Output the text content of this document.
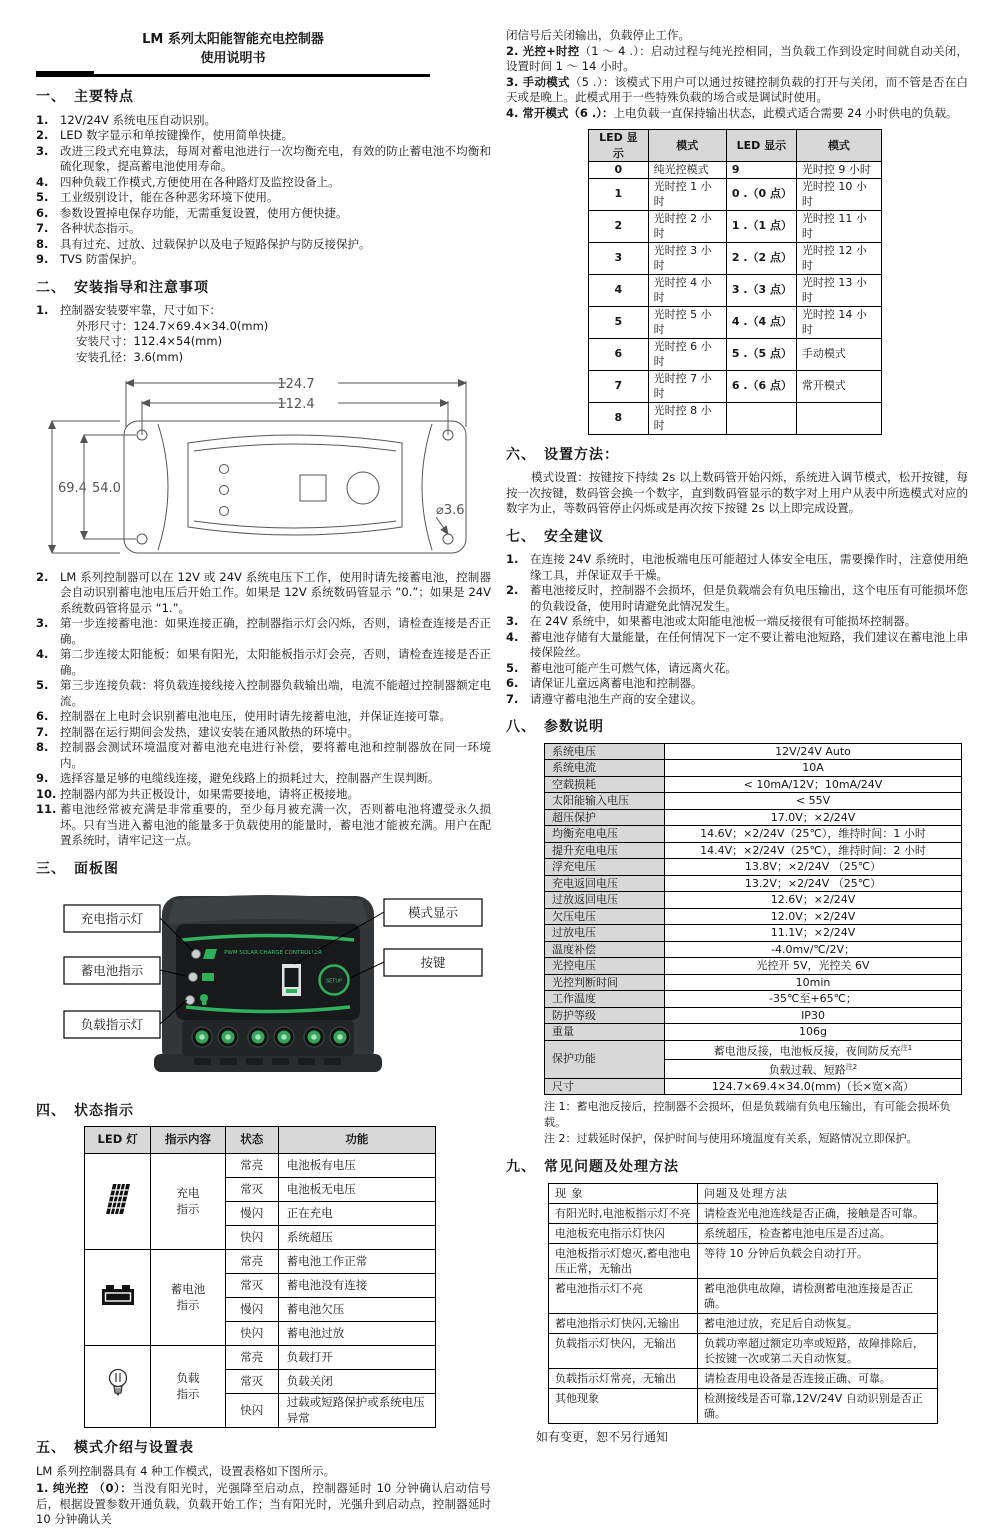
LM 系列太阳能智能充电控制器
使用说明书
一、　主要特点
1.	12V/24V 系统电压自动识别。
2.	LED 数字显示和单按键操作，使用简单快捷。
3.	改进三段式充电算法，每周对蓄电池进行一次均衡充电，有效的防止蓄电池不均衡和硫化现象，提高蓄电池使用寿命。
4.	四种负载工作模式,方便使用在各种路灯及监控设备上。
5.	工业级别设计，能在各种恶劣环境下使用。
6.	参数设置掉电保存功能，无需重复设置，使用方便快捷。
7.	各种状态指示。
8.	具有过充、过放、过载保护以及电子短路保护与防反接保护。
9.	TVS 防雷保护。
二、　安装指导和注意事项
1.	控制器安装要牢靠，尺寸如下：
外形尺寸：124.7×69.4×34.0(mm)
安装尺寸：112.4×54(mm)
安装孔径：3.6(mm)
124.7
112.4
69.4 54.0
⌀3.6
2.	LM 系列控制器可以在 12V 或 24V 系统电压下工作，使用时请先接蓄电池，控制器会自动识别蓄电池电压后开始工作。如果是 12V 系统数码管显示 “0.”；如果是 24V 系统数码管将显示 “1.”。
3.	第一步连接蓄电池：如果连接正确，控制器指示灯会闪烁，否则，请检查连接是否正确。
4.	第二步连接太阳能板：如果有阳光，太阳能板指示灯会亮，否则，请检查连接是否正确。
5.	第三步连接负载：将负载连接线接入控制器负载输出端，电流不能超过控制器额定电流。
6.	控制器在上电时会识别蓄电池电压，使用时请先接蓄电池，并保证连接可靠。
7.	控制器在运行期间会发热，建议安装在通风散热的环境中。
8.	控制器会测试环境温度对蓄电池充电进行补偿，要将蓄电池和控制器放在同一环境内。
9.	选择容量足够的电缆线连接，避免线路上的损耗过大，控制器产生误判断。
10. 控制器内部为共正极设计，如果需要接地，请将正极接地。
11. 蓄电池经常被充满是非常重要的，至少每月被充满一次，否则蓄电池将遭受永久损坏。只有当进入蓄电池的能量多于负载使用的能量时，蓄电池才能被充满。用户在配置系统时，请牢记这一点。
三、　面板图
PWM SOLAR CHARGE CONTROLLER
SETUP
充电指示灯
蓄电池指示
负载指示灯
模式显示
按键
四、　状态指示
LED 灯	指示内容	状态	功能

充电
指示	常亮	电池板有电压
		常灭	电池板无电压
		慢闪	正在充电
		快闪	系统超压

蓄电池
指示	常亮	蓄电池工作正常
		常灭	蓄电池没有连接
		慢闪	蓄电池欠压
		快闪	蓄电池过放

负载
指示	常亮	负载打开
		常灭	负载关闭
		快闪	过载或短路保护或系统电压异常
五、　模式介绍与设置表
LM 系列控制器具有 4 种工作模式，设置表格如下图所示。
1. 纯光控 （0）：当没有阳光时，光强降至启动点，控制器延时 10 分钟确认启动信号后，根据设置参数开通负载，负载开始工作；当有阳光时，光强升到启动点，控制器延时 10 分钟确认关
闭信号后关闭输出，负载停止工作。
2. 光控+时控（1 ～ 4 .）：启动过程与纯光控相同，当负载工作到设定时间就自动关闭，设置时间 1 ～ 14 小时。
3. 手动模式（5 .）：该模式下用户可以通过按键控制负载的打开与关闭，而不管是否在白天或是晚上。此模式用于一些特殊负载的场合或是调试时使用。
4. 常开模式（6 .）：上电负载一直保持输出状态，此模式适合需要 24 小时供电的负载。
LED 显示	模式	LED 显示	模式
0	纯光控模式	9	光时控 9 小时
1	光时控 1 小时	0 .（0 点）	光时控 10 小时
2	光时控 2 小时	1 .（1 点）	光时控 11 小时
3	光时控 3 小时	2 .（2 点）	光时控 12 小时
4	光时控 4 小时	3 .（3 点）	光时控 13 小时
5	光时控 5 小时	4 .（4 点）	光时控 14 小时
6	光时控 6 小时	5 .（5 点）	手动模式
7	光时控 7 小时	6 .（6 点）	常开模式
8	光时控 8 小时		
六、　设置方法：
模式设置：按键按下持续 2s 以上数码管开始闪烁，系统进入调节模式，松开按键，每按一次按键，数码管会换一个数字，直到数码管显示的数字对上用户从表中所选模式对应的数字为止，等数码管停止闪烁或是再次按下按键 2s 以上即完成设置。
七、　安全建议
1.	在连接 24V 系统时，电池板端电压可能超过人体安全电压，需要操作时，注意使用绝缘工具，并保证双手干燥。
2.	蓄电池接反时，控制器不会损坏，但是负载端会有负电压输出，这个电压有可能损坏您的负载设备，使用时请避免此情况发生。
3.	在 24V 系统中，如果蓄电池或太阳能电池板一端反接很有可能损坏控制器。
4.	蓄电池存储有大量能量，在任何情况下一定不要让蓄电池短路，我们建议在蓄电池上串接保险丝。
5.	蓄电池可能产生可燃气体，请远离火花。
6.	请保证儿童远离蓄电池和控制器。
7.	请遵守蓄电池生产商的安全建议。
八、　参数说明
系统电压	12V/24V Auto
系统电流	10A
空载损耗	< 10mA/12V；10mA/24V
太阳能输入电压	< 55V
超压保护	17.0V；×2/24V
均衡充电电压	14.6V；×2/24V（25℃），维持时间：1 小时
提升充电电压	14.4V；×2/24V（25℃），维持时间：2 小时
浮充电压	13.8V；×2/24V （25℃）
充电返回电压	13.2V；×2/24V （25℃）
过放返回电压	12.6V；×2/24V
欠压电压	12.0V；×2/24V
过放电压	11.1V；×2/24V
温度补偿	-4.0mv/℃/2V；
光控电压	光控开 5V，光控关 6V
光控判断时间	10min
工作温度	-35℃至+65℃；
防护等级	IP30
重量	106g
保护功能	蓄电池反接，电池板反接，夜间防反充$^{注1}$
	负载过载、短路$^{注2}$
尺寸	124.7×69.4×34.0(mm)（长×宽×高）
注 1：蓄电池反接后，控制器不会损坏，但是负载端有负电压输出，有可能会损坏负载。
注 2：过载延时保护，保护时间与使用环境温度有关系，短路情况立即保护。
九、　常见问题及处理方法
现 象	问题及处理方法
有阳光时,电池板指示灯不亮	请检查光电池连线是否正确，接触是否可靠。
电池板充电指示灯快闪	系统超压，检查蓄电池电压是否过高。
电池板指示灯熄灭,蓄电池电压正常，无输出	等待 10 分钟后负载会自动打开。
蓄电池指示灯不亮	蓄电池供电故障，请检测蓄电池连接是否正确。
蓄电池指示灯快闪,无输出	蓄电池过放，充足后自动恢复。
负载指示灯快闪，无输出	负载功率超过额定功率或短路，故障排除后，长按键一次或第二天自动恢复。
负载指示灯常亮，无输出	请检查用电设备是否连接正确、可靠。
其他现象	检测接线是否可靠,12V/24V 自动识别是否正确。
如有变更，恕不另行通知
